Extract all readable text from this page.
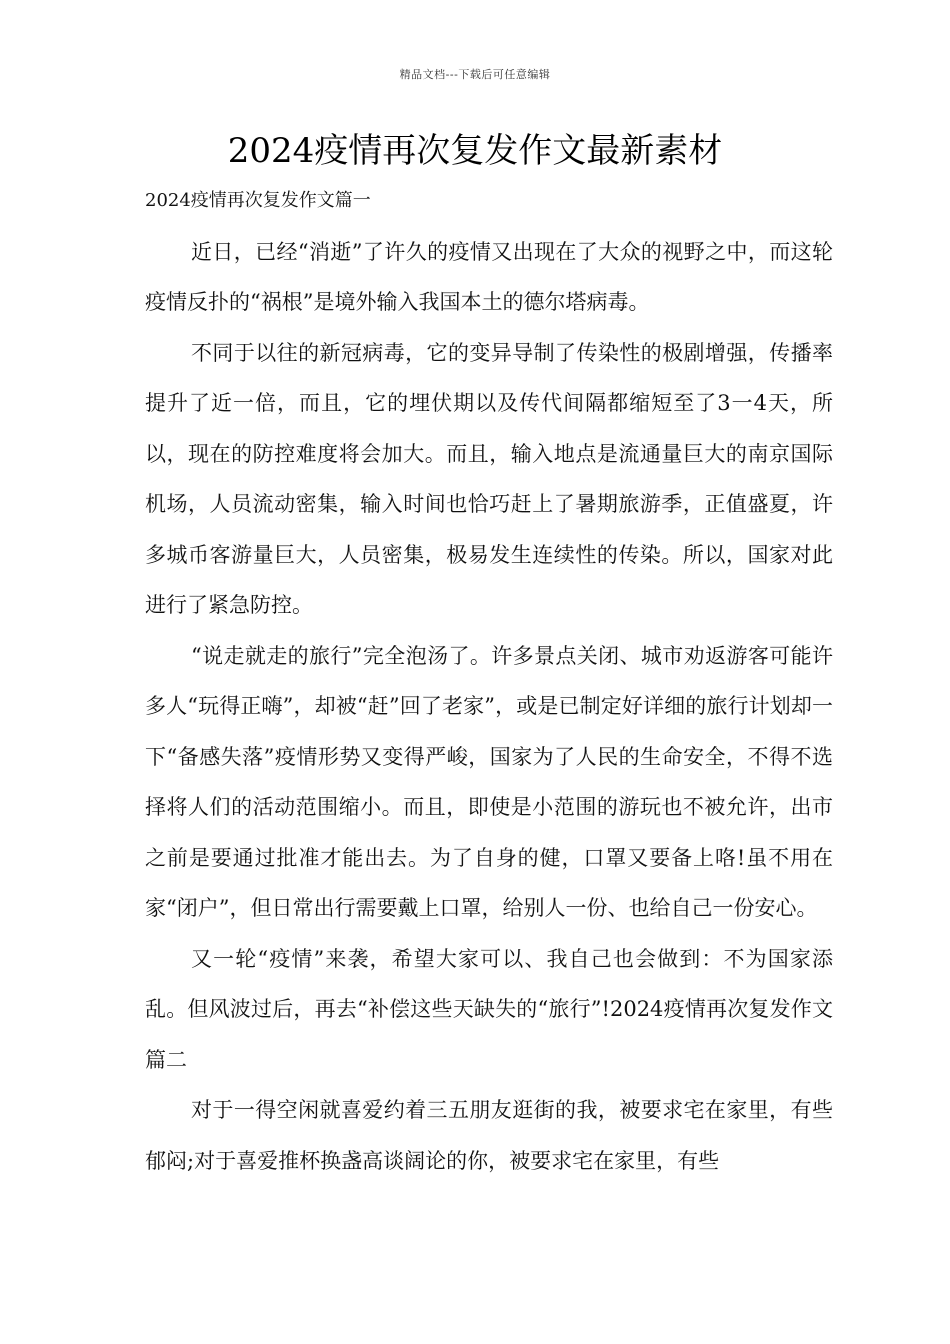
精品文档---下载后可任意编辑
2024疫情再次复发作文最新素材

2024疫情再次复发作文篇一

近日，已经“消逝”了许久的疫情又出现在了大众的视野之中，而这轮疫情反扑的“祸根”是境外输入我国本土的德尔塔病毒。

不同于以往的新冠病毒，它的变异导制了传染性的极剧增强，传播率提升了近一倍，而且，它的埋伏期以及传代间隔都缩短至了3一4天，所以，现在的防控难度将会加大。而且，输入地点是流通量巨大的南京国际机场，人员流动密集，输入时间也恰巧赶上了暑期旅游季，正值盛夏，许多城币客游量巨大，人员密集，极易发生连续性的传染。所以，国家对此进行了紧急防控。

“说走就走的旅行”完全泡汤了。许多景点关闭、城市劝返游客可能许多人“玩得正嗨”，却被“赶”回了老家”，或是已制定好详细的旅行计划却一下“备感失落”疫情形势又变得严峻，国家为了人民的生命安全，不得不选择将人们的活动范围缩小。而且，即使是小范围的游玩也不被允许，出市之前是要通过批准才能出去。为了自身的健，口罩又要备上咯!虽不用在家“闭户”，但日常出行需要戴上口罩，给别人一份、也给自己一份安心。

又一轮“疫情”来袭，希望大家可以、我自己也会做到：不为国家添乱。但风波过后，再去“补偿这些天缺失的“旅行”!2024疫情再次复发作文篇二

对于一得空闲就喜爱约着三五朋友逛街的我，被要求宅在家里，有些郁闷;对于喜爱推杯换盏高谈阔论的你，被要求宅在家里，有些
